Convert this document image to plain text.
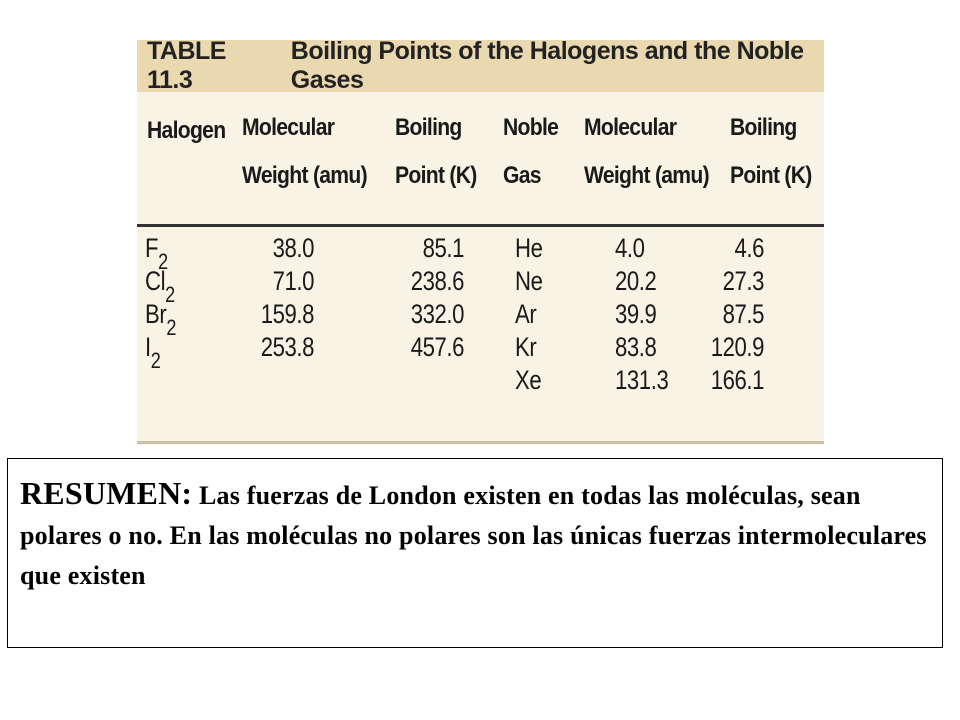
TABLE 11.3
Boiling Points of the Halogens and the Noble Gases
Halogen Molecular
Weight (amu)
Boiling
Point (K)
Noble
Gas
Molecular
Weight (amu)
Boiling
Point (K)
$F_2$
$Cl_2$
$Br_2$
$I_2$
38.0
71.0
159.8
253.8
85.1
238.6
332.0
457.6
He
Ne
Ar
Kr
Xe
4.0
20.2
39.9
83.8
131.3
4.6
27.3
87.5
120.9
166.1
RESUMEN: Las fuerzas de London existen en todas las moléculas, sean polares o no. En las moléculas no polares son las únicas fuerzas intermoleculares que existen
